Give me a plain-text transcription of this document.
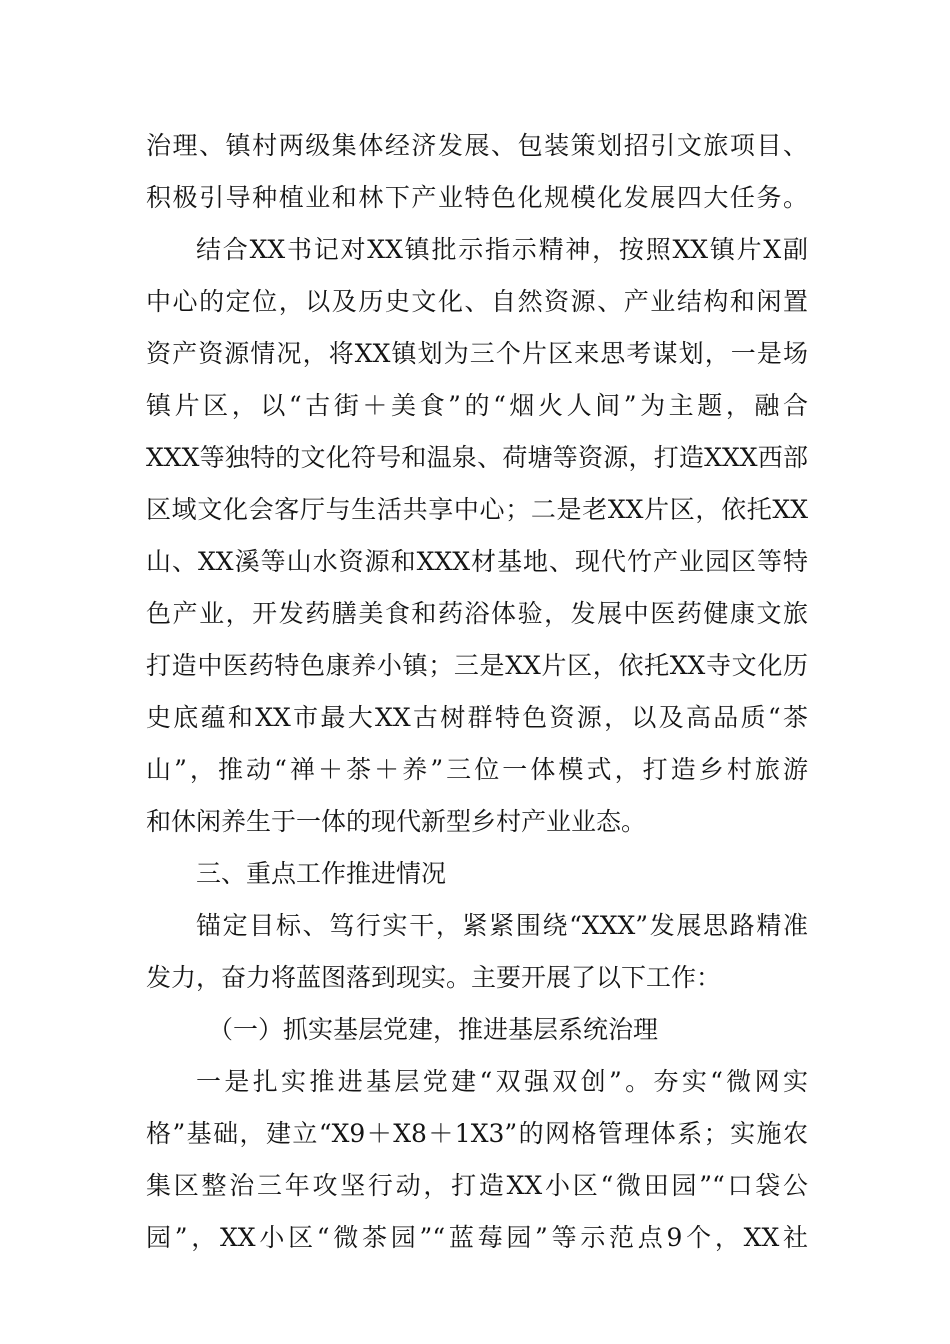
治理、镇村两级集体经济发展、包装策划招引文旅项目、
积极引导种植业和林下产业特色化规模化发展四大任务。
结合XX书记对XX镇批示指示精神，按照XX镇片X副
中心的定位，以及历史文化、自然资源、产业结构和闲置
资产资源情况，将XX镇划为三个片区来思考谋划，一是场
镇片区，以“古街＋美食”的“烟火人间”为主题，融合
XXX等独特的文化符号和温泉、荷塘等资源，打造XXX西部
区域文化会客厅与生活共享中心；二是老XX片区，依托XX
山、XX溪等山水资源和XXX材基地、现代竹产业园区等特
色产业，开发药膳美食和药浴体验，发展中医药健康文旅
打造中医药特色康养小镇；三是XX片区，依托XX寺文化历
史底蕴和XX市最大XX古树群特色资源，以及高品质“茶
山”，推动“禅＋茶＋养”三位一体模式，打造乡村旅游
和休闲养生于一体的现代新型乡村产业业态。
三、重点工作推进情况
锚定目标、笃行实干，紧紧围绕“XXX”发展思路精准
发力，奋力将蓝图落到现实。主要开展了以下工作：
（一）抓实基层党建，推进基层系统治理
一是扎实推进基层党建“双强双创”。夯实“微网实
格”基础，建立“X9＋X8＋1X3”的网格管理体系；实施农
集区整治三年攻坚行动，打造XX小区“微田园”“口袋公
园”，XX小区“微茶园”“蓝莓园”等示范点9个，XX社
